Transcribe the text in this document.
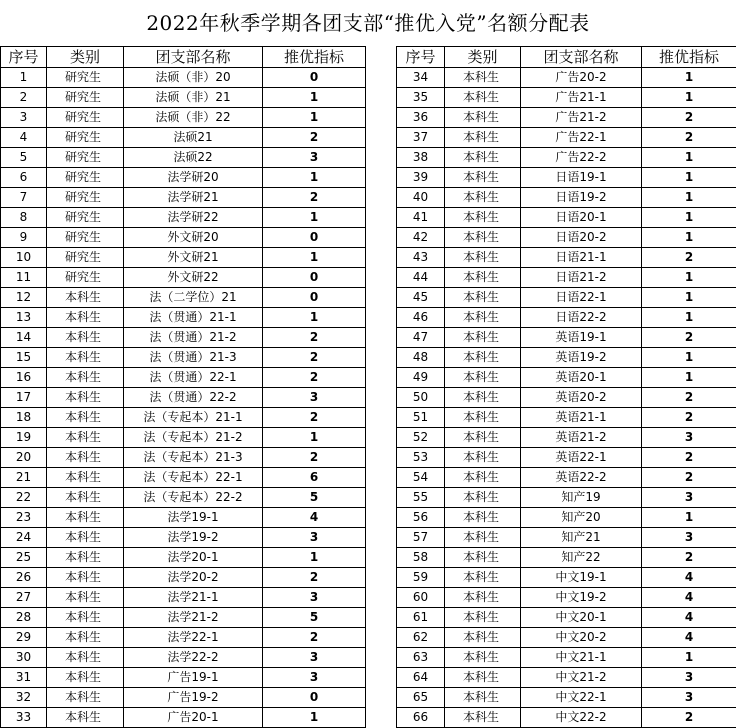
2022年秋季学期各团支部“推优入党”名额分配表
序号	类别	团支部名称	推优指标
1	研究生	法硕（非）20	0
2	研究生	法硕（非）21	1
3	研究生	法硕（非）22	1
4	研究生	法硕21	2
5	研究生	法硕22	3
6	研究生	法学研20	1
7	研究生	法学研21	2
8	研究生	法学研22	1
9	研究生	外文研20	0
10	研究生	外文研21	1
11	研究生	外文研22	0
12	本科生	法（二学位）21	0
13	本科生	法（贯通）21-1	1
14	本科生	法（贯通）21-2	2
15	本科生	法（贯通）21-3	2
16	本科生	法（贯通）22-1	2
17	本科生	法（贯通）22-2	3
18	本科生	法（专起本）21-1	2
19	本科生	法（专起本）21-2	1
20	本科生	法（专起本）21-3	2
21	本科生	法（专起本）22-1	6
22	本科生	法（专起本）22-2	5
23	本科生	法学19-1	4
24	本科生	法学19-2	3
25	本科生	法学20-1	1
26	本科生	法学20-2	2
27	本科生	法学21-1	3
28	本科生	法学21-2	5
29	本科生	法学22-1	2
30	本科生	法学22-2	3
31	本科生	广告19-1	3
32	本科生	广告19-2	0
33	本科生	广告20-1	1
序号	类别	团支部名称	推优指标
34	本科生	广告20-2	1
35	本科生	广告21-1	1
36	本科生	广告21-2	2
37	本科生	广告22-1	2
38	本科生	广告22-2	1
39	本科生	日语19-1	1
40	本科生	日语19-2	1
41	本科生	日语20-1	1
42	本科生	日语20-2	1
43	本科生	日语21-1	2
44	本科生	日语21-2	1
45	本科生	日语22-1	1
46	本科生	日语22-2	1
47	本科生	英语19-1	2
48	本科生	英语19-2	1
49	本科生	英语20-1	1
50	本科生	英语20-2	2
51	本科生	英语21-1	2
52	本科生	英语21-2	3
53	本科生	英语22-1	2
54	本科生	英语22-2	2
55	本科生	知产19	3
56	本科生	知产20	1
57	本科生	知产21	3
58	本科生	知产22	2
59	本科生	中文19-1	4
60	本科生	中文19-2	4
61	本科生	中文20-1	4
62	本科生	中文20-2	4
63	本科生	中文21-1	1
64	本科生	中文21-2	3
65	本科生	中文22-1	3
66	本科生	中文22-2	2
